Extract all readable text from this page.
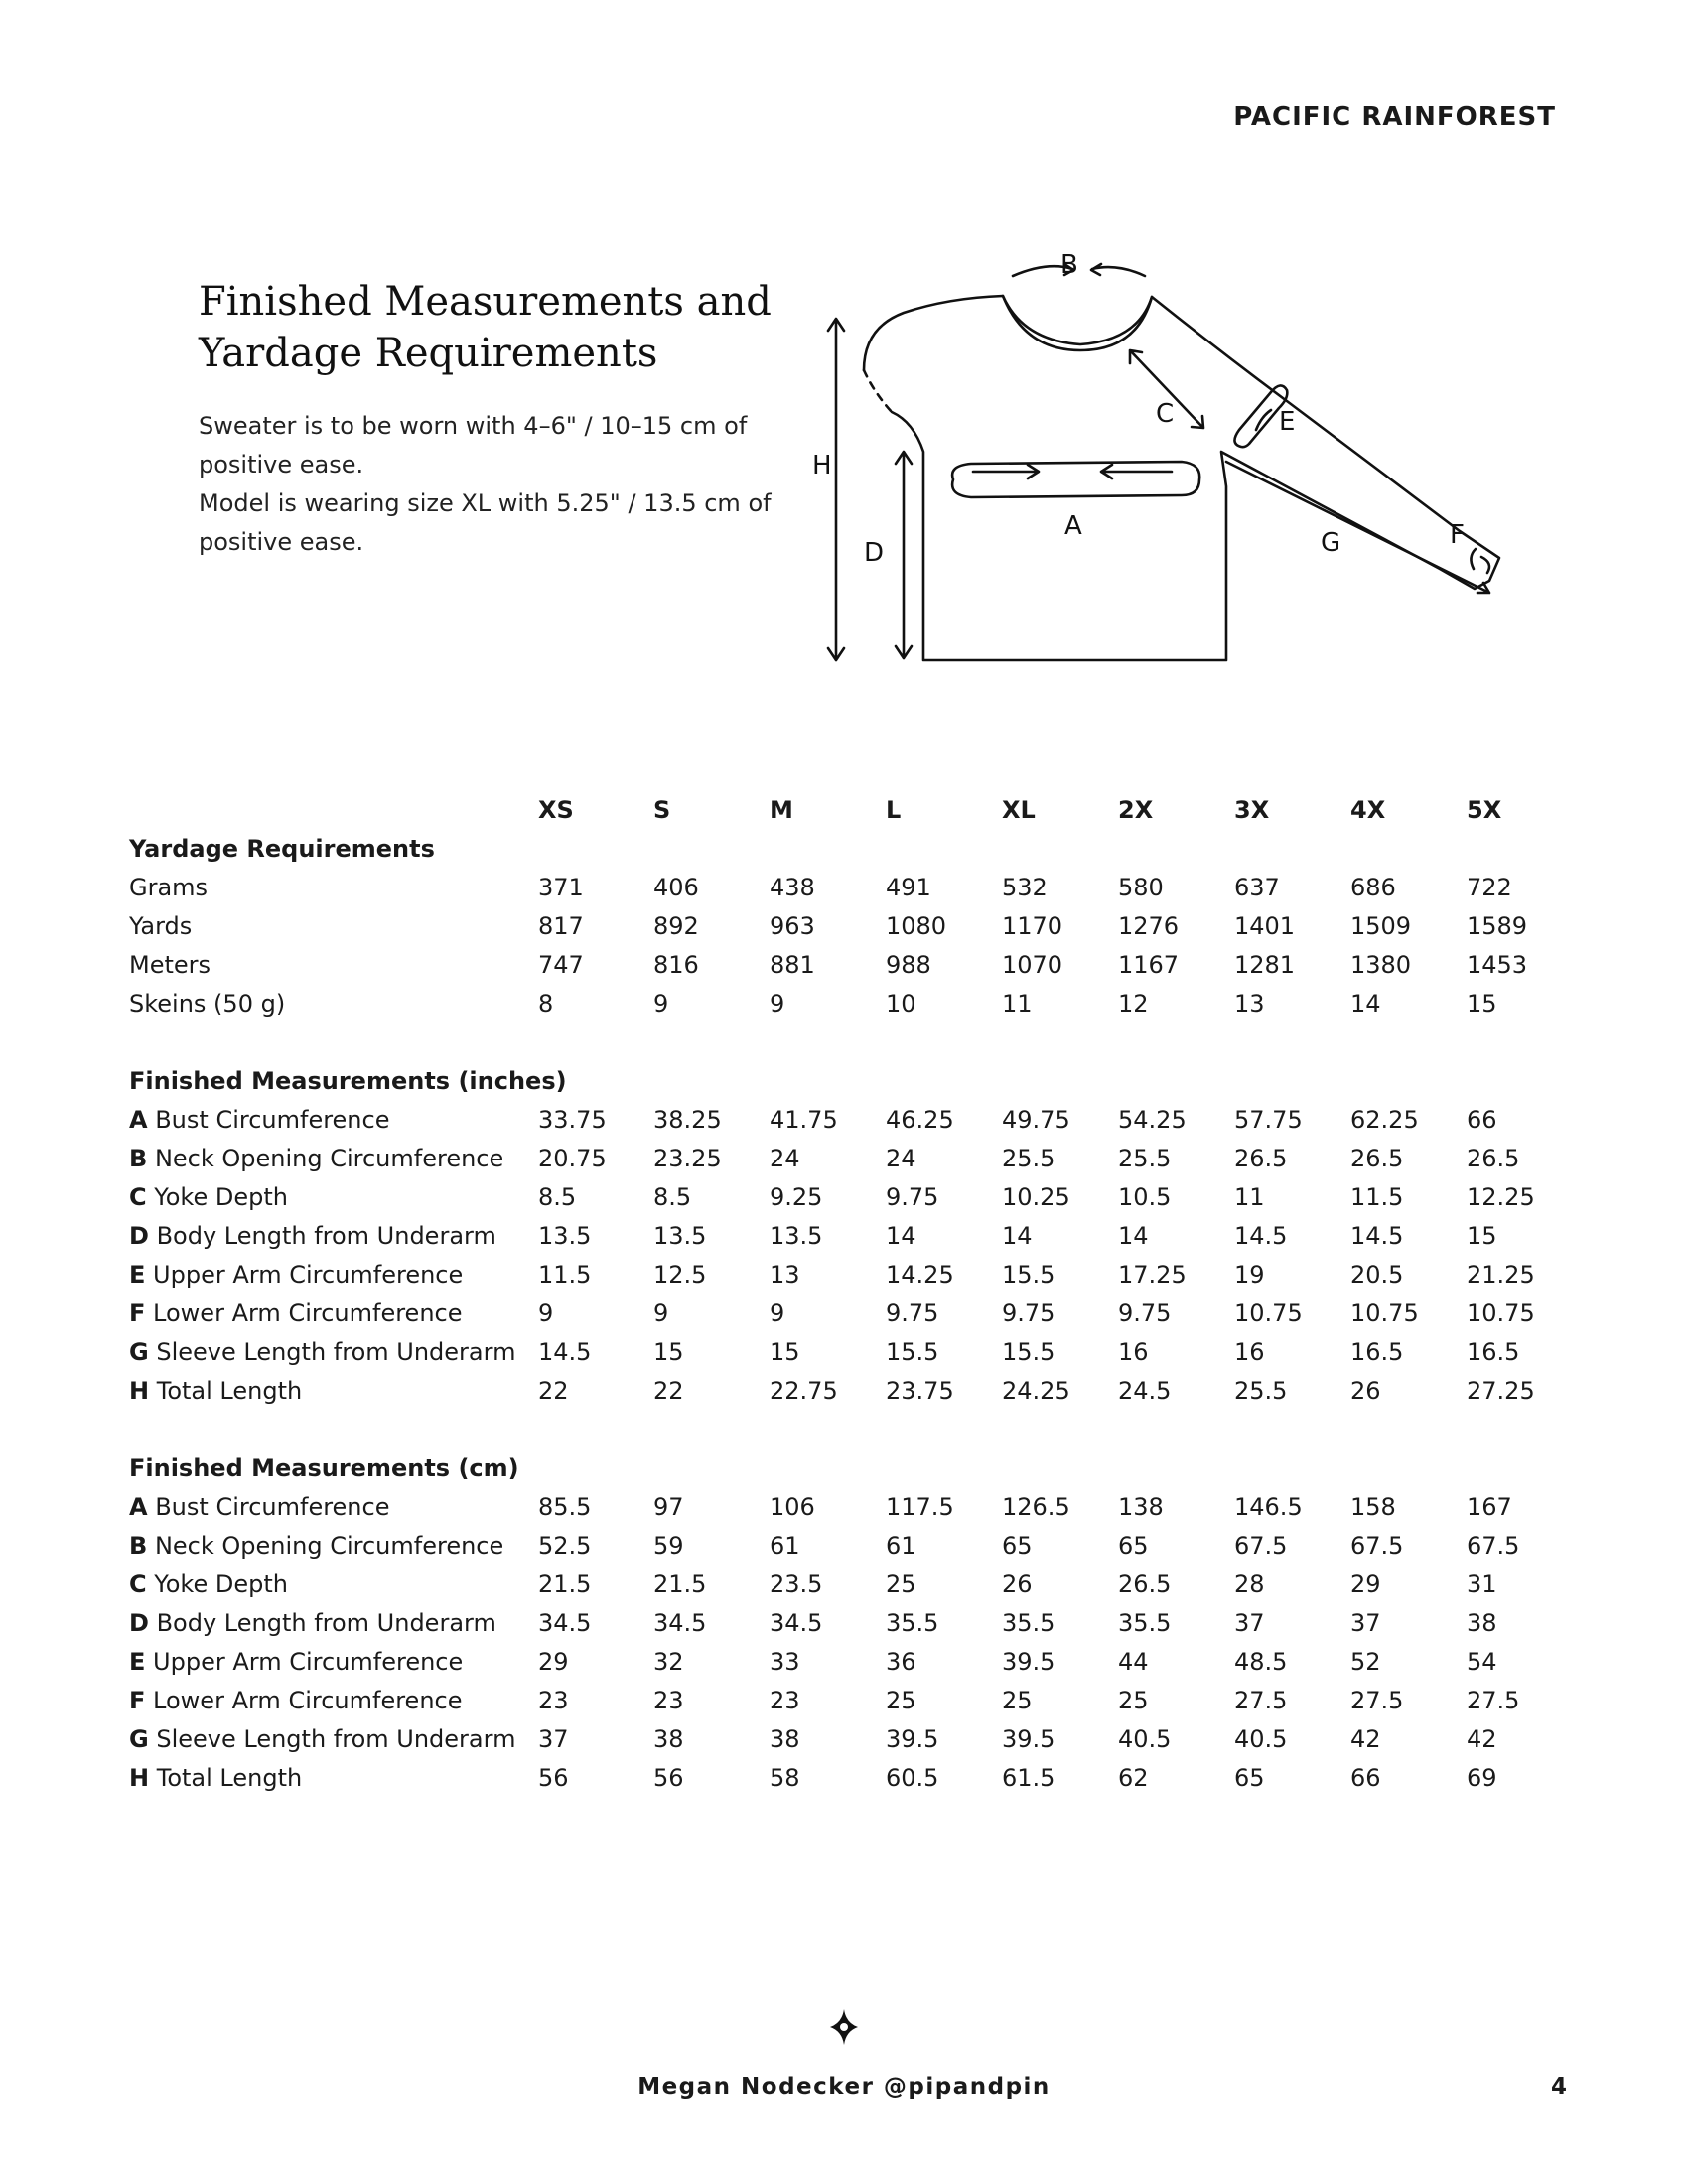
PACIFIC RAINFOREST
Finished Measurements and
Yardage Requirements

Sweater is to be worn with 4–6" / 10–15 cm of positive ease.

Model is wearing size XL with 5.25" / 13.5 cm of positive ease.

B
C	E
A
G	F
D
H
XS	S	M	L	XL	2X	3X	4X	5X
Yardage Requirements
Grams	371	406	438	491	532	580	637	686	722
Yards	817	892	963	1080 1170 1276 1401 1509 1589
Meters	747	816	881	988	1070 1167 1281 1380 1453
Skeins (50 g)	8	9	9	10	11	12	13	14	15
Finished Measurements (inches)
A Bust Circumference	33.75 38.25 41.75 46.25 49.75 54.25 57.75 62.25 66
B Neck Opening Circumference 20.75 23.25 24	24	25.5	25.5	26.5	26.5	26.5
C Yoke Depth	8.5	8.5	9.25	9.75	10.25 10.5	11	11.5	12.25
D Body Length from Underarm 13.5	13.5	13.5	14	14	14	14.5	14.5	15
E Upper Arm Circumference	11.5	12.5	13	14.25 15.5	17.25 19	20.5	21.25
F Lower Arm Circumference	9	9	9	9.75	9.75	9.75	10.75 10.75 10.75
G Sleeve Length from Underarm 14.5	15	15	15.5	15.5	16	16	16.5	16.5
H Total Length	22	22	22.75 23.75 24.25 24.5	25.5	26	27.25
Finished Measurements (cm)
A Bust Circumference	85.5	97	106	117.5 126.5 138	146.5 158	167
B Neck Opening Circumference 52.5	59	61	61	65	65	67.5	67.5	67.5
C Yoke Depth	21.5	21.5	23.5	25	26	26.5	28	29	31
D Body Length from Underarm 34.5	34.5	34.5	35.5	35.5	35.5	37	37	38
E Upper Arm Circumference	29	32	33	36	39.5	44	48.5	52	54
F Lower Arm Circumference	23	23	23	25	25	25	27.5	27.5	27.5
G Sleeve Length from Underarm 37	38	38	39.5	39.5	40.5	40.5	42	42
H Total Length	56	56	58	60.5	61.5	62	65	66	69
Megan Nodecker @pipandpin	4
